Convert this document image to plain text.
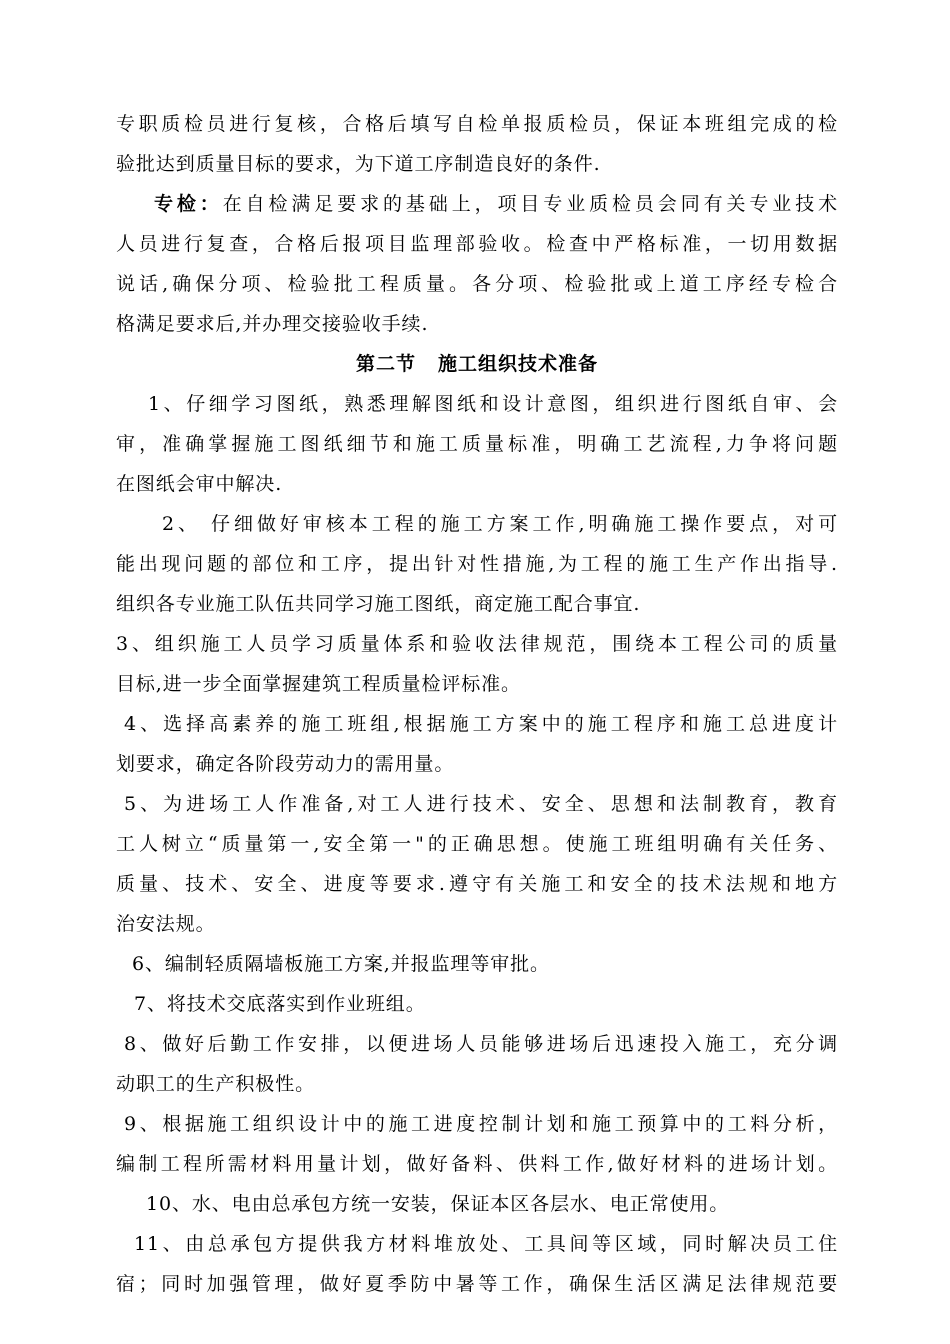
专职质检员进行复核，合格后填写自检单报质检员，保证本班组完成的检
验批达到质量目标的要求，为下道工序制造良好的条件.
专检：在自检满足要求的基础上，项目专业质检员会同有关专业技术
人员进行复查，合格后报项目监理部验收。检查中严格标准，一切用数据
说话,确保分项、检验批工程质量。各分项、检验批或上道工序经专检合
格满足要求后,并办理交接验收手续.
第二节 施工组织技术准备
1、仔细学习图纸，熟悉理解图纸和设计意图，组织进行图纸自审、会
审，准确掌握施工图纸细节和施工质量标准，明确工艺流程,力争将问题
在图纸会审中解决.
2、 仔细做好审核本工程的施工方案工作,明确施工操作要点，对可
能出现问题的部位和工序，提出针对性措施,为工程的施工生产作出指导.
组织各专业施工队伍共同学习施工图纸，商定施工配合事宜.
3、组织施工人员学习质量体系和验收法律规范，围绕本工程公司的质量
目标,进一步全面掌握建筑工程质量检评标准。
4、选择高素养的施工班组,根据施工方案中的施工程序和施工总进度计
划要求，确定各阶段劳动力的需用量。
5、为进场工人作准备,对工人进行技术、安全、思想和法制教育，教育
工人树立“质量第一,安全第一"的正确思想。使施工班组明确有关任务、
质量、技术、安全、进度等要求.遵守有关施工和安全的技术法规和地方
治安法规。
6、编制轻质隔墙板施工方案,并报监理等审批。
7、将技术交底落实到作业班组。
8、做好后勤工作安排，以便进场人员能够进场后迅速投入施工，充分调
动职工的生产积极性。
9、根据施工组织设计中的施工进度控制计划和施工预算中的工料分析，
编制工程所需材料用量计划，做好备料、供料工作,做好材料的进场计划。
10、水、电由总承包方统一安装，保证本区各层水、电正常使用。
11、由总承包方提供我方材料堆放处、工具间等区域，同时解决员工住
宿；同时加强管理，做好夏季防中暑等工作，确保生活区满足法律规范要
